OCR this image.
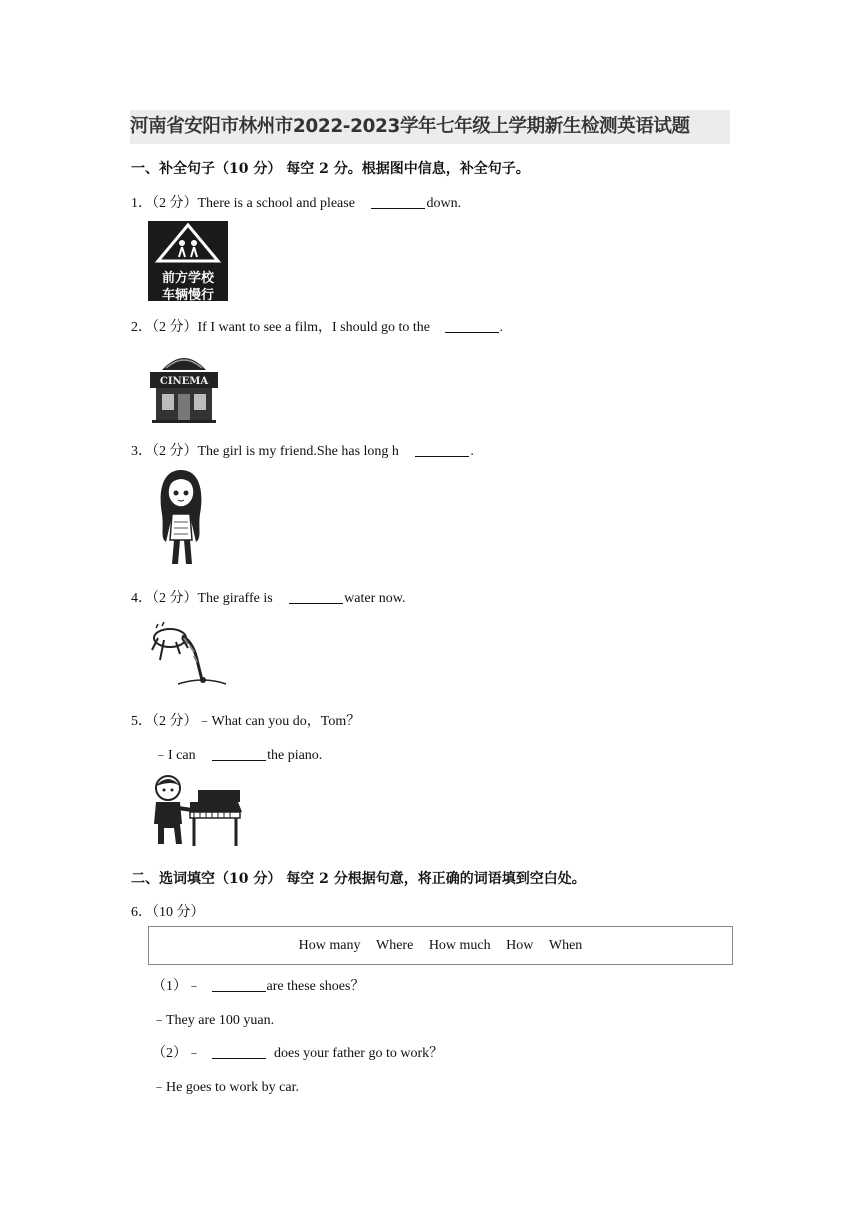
河南省安阳市林州市2022-2023学年七年级上学期新生检测英语试题
一、补全句子（10 分） 每空 2 分。根据图中信息，补全句子。
1．（2 分）There is a school and please	down.
前方学校
车辆慢行
2．（2 分）If I want to see a film，I should go to the	.
CINEMA
3．（2 分）The girl is my friend.She has long h	.
4．（2 分）The giraffe is	water now.
5．（2 分）﹣What can you do，Tom？
﹣I can	the piano.
二、选词填空（10 分） 每空 2 分根据句意，将正确的词语填到空白处。
6．（10 分）
How many Where How much How When
（1）﹣	are these shoes？
﹣They are 100 yuan.
（2）﹣	does your father go to work？
﹣He goes to work by car.
